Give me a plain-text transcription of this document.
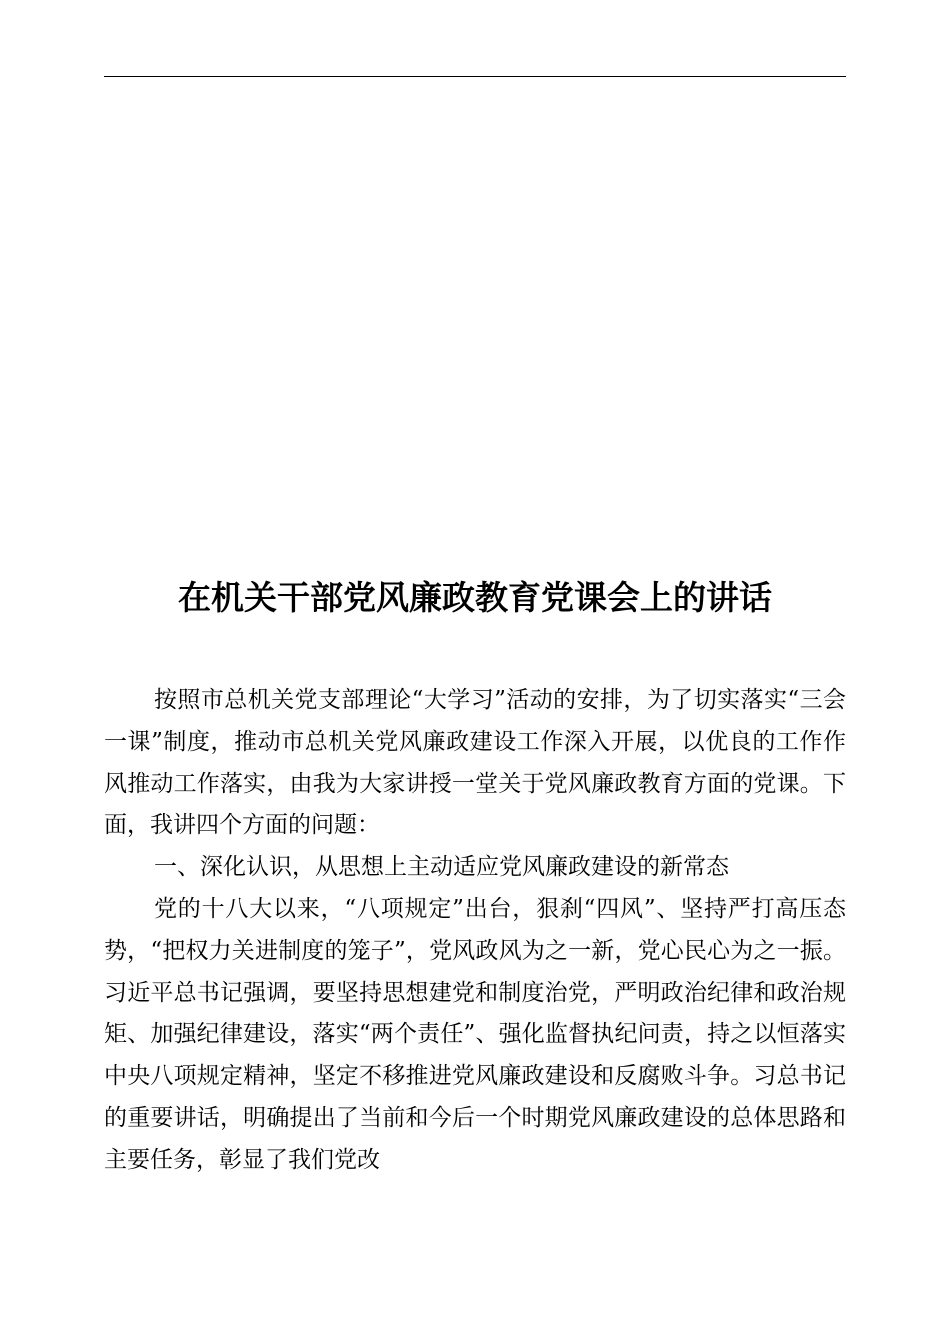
在机关干部党风廉政教育党课会上的讲话

按照市总机关党支部理论“大学习”活动的安排，为了切实落实“三会一课”制度，推动市总机关党风廉政建设工作深入开展，以优良的工作作风推动工作落实，由我为大家讲授一堂关于党风廉政教育方面的党课。下面，我讲四个方面的问题：

一、深化认识，从思想上主动适应党风廉政建设的新常态

党的十八大以来，“八项规定”出台，狠刹“四风”、坚持严打高压态势，“把权力关进制度的笼子”，党风政风为之一新，党心民心为之一振。习近平总书记强调，要坚持思想建党和制度治党，严明政治纪律和政治规矩、加强纪律建设，落实“两个责任”、强化监督执纪问责，持之以恒落实中央八项规定精神，坚定不移推进党风廉政建设和反腐败斗争。习总书记的重要讲话，明确提出了当前和今后一个时期党风廉政建设的总体思路和主要任务，彰显了我们党改
